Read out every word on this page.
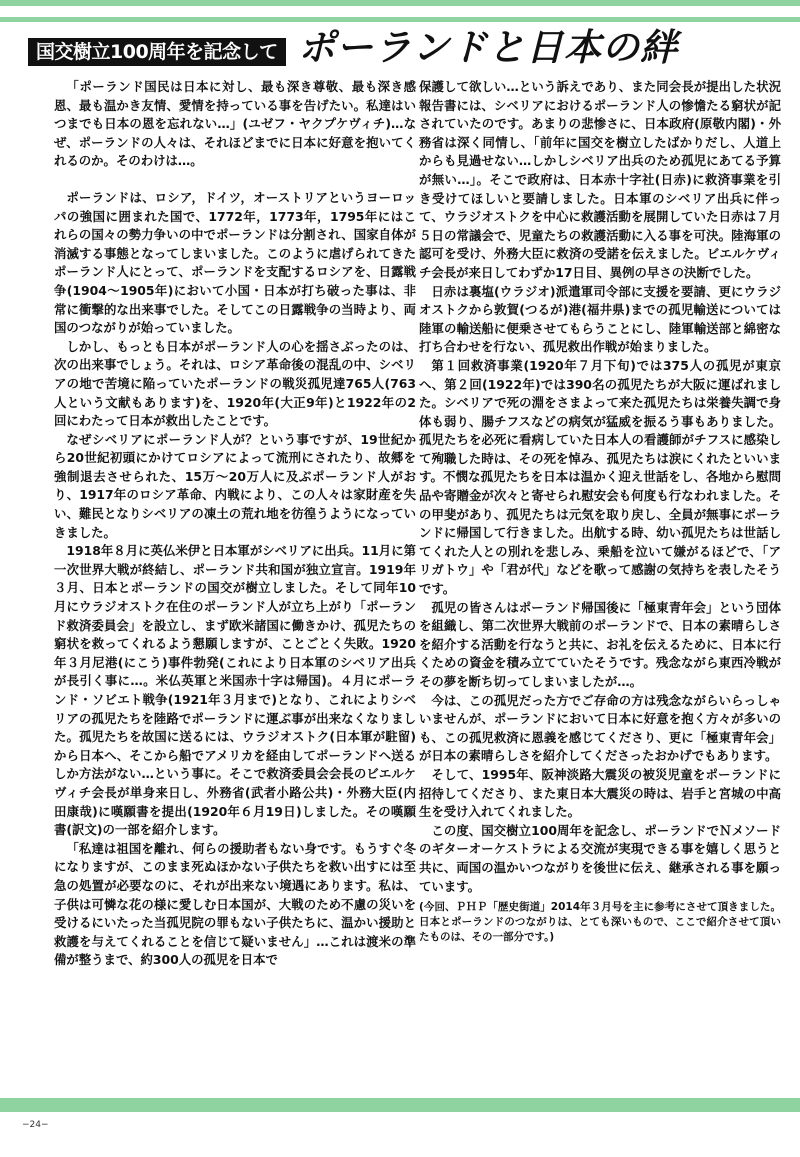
国交樹立100周年を記念して ポーランドと日本の絆

「ポーランド国民は日本に対し、最も深き尊敬、最も深き感恩、最も温かき友情、愛情を持っている事を告げたい。私達はいつまでも日本の恩を忘れない…」(ユゼフ・ヤクプケヴィチ)…なぜ、ポーランドの人々は、それほどまでに日本に好意を抱いてくれるのか。そのわけは…。

ポーランドは、ロシア，ドイツ，オーストリアというヨーロッパの強国に囲まれた国で、1772年，1773年，1795年にはこれらの国々の勢力争いの中でポーランドは分割され、国家自体が消滅する事態となってしまいました。このように虐げられてきたポーランド人にとって、ポーランドを支配するロシアを、日露戦争(1904〜1905年)において小国・日本が打ち破った事は、非常に衝撃的な出来事でした。そしてこの日露戦争の当時より、両国のつながりが始っていました。

しかし、もっとも日本がポーランド人の心を揺さぶったのは、次の出来事でしょう。それは、ロシア革命後の混乱の中、シベリアの地で苦境に陥っていたポーランドの戦災孤児達765人(763人という文献もあります)を、1920年(大正9年)と1922年の2回にわたって日本が救出したことです。

なぜシベリアにポーランド人が？という事ですが、19世紀から20世紀初頭にかけてロシアによって流刑にされたり、故郷を強制退去させられた、15万〜20万人に及ぶポーランド人がおり、1917年のロシア革命、内戦により、この人々は家財産を失い、難民となりシベリアの凍土の荒れ地を彷徨うようになっていきました。

1918年８月に英仏米伊と日本軍がシベリアに出兵。11月に第一次世界大戦が終結し、ポーランド共和国が独立宣言。1919年３月、日本とポーランドの国交が樹立しました。そして同年10月にウラジオストク在住のポーランド人が立ち上がり「ポーランド救済委員会」を設立し、まず欧米諸国に働きかけ、孤児たちの窮状を救ってくれるよう懇願しますが、ことごとく失敗。1920年３月尼港(にこう)事件勃発(これにより日本軍のシベリア出兵が長引く事に…。米仏英軍と米国赤十字は帰国)。４月にポーランド・ソビエト戦争(1921年３月まで)となり、これによりシベリアの孤児たちを陸路でポーランドに運ぶ事が出来なくなりました。孤児たちを故国に送るには、ウラジオストク(日本軍が駐留)から日本へ、そこから船でアメリカを経由してポーランドへ送るしか方法がない…という事に。そこで救済委員会会長のビエルケヴィチ会長が単身来日し、外務省(武者小路公共)・外務大臣(内田康哉)に嘆願書を提出(1920年６月19日)しました。その嘆願書(訳文)の一部を紹介します。

「私達は祖国を離れ、何らの援助者もない身です。もうすぐ冬になりますが、このまま死ぬほかない子供たちを救い出すには至急の処置が必要なのに、それが出来ない境遇にあります。私は、子供は可憐な花の様に愛しむ日本国が、大戦のため不慮の災いを受けるにいたった当孤児院の罪もない子供たちに、温かい援助と救護を与えてくれることを信じて疑いません」…これは渡米の準備が整うまで、約300人の孤児を日本で

保護して欲しい…という訴えであり、また同会長が提出した状況報告書には、シベリアにおけるポーランド人の惨憺たる窮状が記されていたのです。あまりの悲惨さに、日本政府(原敬内閣)・外務省は深く同情し、「前年に国交を樹立したばかりだし、人道上からも見過せない…しかしシベリア出兵のため孤児にあてる予算が無い…」。そこで政府は、日本赤十字社(日赤)に救済事業を引き受けてほしいと要請しました。日本軍のシベリア出兵に伴って、ウラジオストクを中心に救護活動を展開していた日赤は７月５日の常議会で、児童たちの救護活動に入る事を可決。陸海軍の認可を受け、外務大臣に救済の受諾を伝えました。ビエルケヴィチ会長が来日してわずか17日目、異例の早さの決断でした。

日赤は裏塩(ウラジオ)派遣軍司令部に支援を要請、更にウラジオストクから敦賀(つるが)港(福井県)までの孤児輸送については陸軍の輸送船に便乗させてもらうことにし、陸軍輸送部と綿密な打ち合わせを行ない、孤児救出作戦が始まりました。

第１回救済事業(1920年７月下旬)では375人の孤児が東京へ、第２回(1922年)では390名の孤児たちが大阪に運ばれました。シベリアで死の淵をさまよって来た孤児たちは栄養失調で身体も弱り、腸チフスなどの病気が猛威を振るう事もありました。孤児たちを必死に看病していた日本人の看護師がチフスに感染して殉職した時は、その死を悼み、孤児たちは涙にくれたといいます。不憫な孤児たちを日本は温かく迎え世話をし、各地から慰問品や寄贈金が次々と寄せられ慰安会も何度も行なわれました。その甲斐があり、孤児たちは元気を取り戻し、全員が無事にポーランドに帰国して行きました。出航する時、幼い孤児たちは世話してくれた人との別れを悲しみ、乗船を泣いて嫌がるほどで、「アリガトウ」や「君が代」などを歌って感謝の気持ちを表したそうです。

孤児の皆さんはポーランド帰国後に「極東青年会」という団体を組織し、第二次世界大戦前のポーランドで、日本の素晴らしさを紹介する活動を行なうと共に、お礼を伝えるために、日本に行くための資金を積み立てていたそうです。残念ながら東西冷戦がその夢を断ち切ってしまいましたが…。

今は、この孤児だった方でご存命の方は残念ながらいらっしゃいませんが、ポーランドにおいて日本に好意を抱く方々が多いのも、この孤児救済に恩義を感じてくださり、更に「極東青年会」が日本の素晴らしさを紹介してくださったおかげでもあります。

そして、1995年、阪神淡路大震災の被災児童をポーランドに招待してくださり、また東日本大震災の時は、岩手と宮城の中高生を受け入れてくれました。

この度、国交樹立100周年を記念し、ポーランドでＮメソードのギターオーケストラによる交流が実現できる事を嬉しく思うと共に、両国の温かいつながりを後世に伝え、継承される事を願っています。

(今回、ＰＨＰ「歴史街道」2014年３月号を主に参考にさせて頂きました。日本とポーランドのつながりは、とても深いもので、ここで紹介させて頂いたものは、その一部分です。)

−24−
